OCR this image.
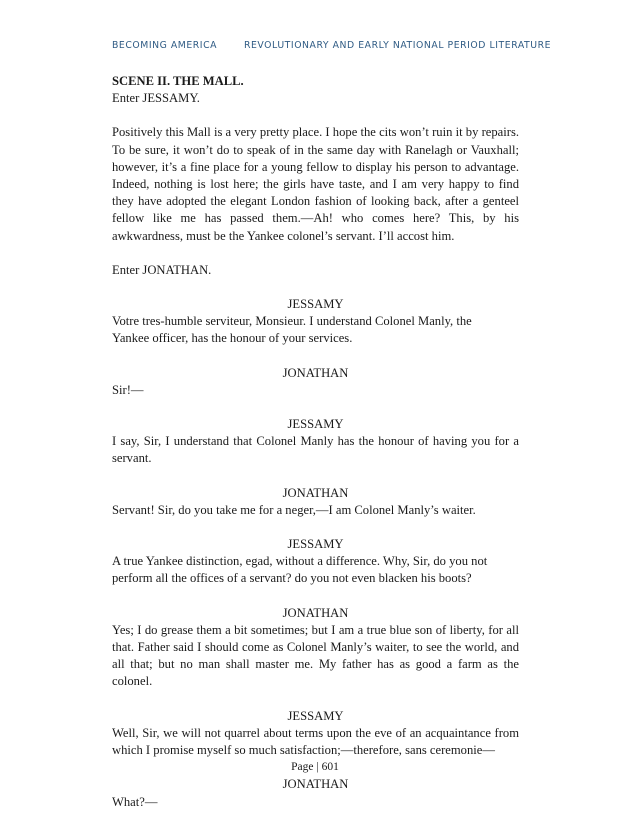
BECOMING AMERICA	REVOLUTIONARY AND EARLY NATIONAL PERIOD LITERATURE

SCENE II. THE MALL.

Enter JESSAMY.

Positively this Mall is a very pretty place. I hope the cits won’t ruin it by repairs. To be sure, it won’t do to speak of in the same day with Ranelagh or Vauxhall; however, it’s a fine place for a young fellow to display his person to advantage. Indeed, nothing is lost here; the girls have taste, and I am very happy to find they have adopted the elegant London fashion of looking back, after a genteel fellow like me has passed them.—Ah! who comes here? This, by his awkwardness, must be the Yankee colonel’s servant. I’ll accost him.

Enter JONATHAN.

JESSAMY

Votre tres-humble serviteur, Monsieur. I understand Colonel Manly, the
Yankee officer, has the honour of your services.

JONATHAN

Sir!—

JESSAMY

I say, Sir, I understand that Colonel Manly has the honour of having you for a servant.

JONATHAN

Servant! Sir, do you take me for a neger,—I am Colonel Manly’s waiter.

JESSAMY

A true Yankee distinction, egad, without a difference. Why, Sir, do you not perform all the offices of a servant? do you not even blacken his boots?

JONATHAN

Yes; I do grease them a bit sometimes; but I am a true blue son of liberty, for all that. Father said I should come as Colonel Manly’s waiter, to see the world, and all that; but no man shall master me. My father has as good a farm as the colonel.

JESSAMY

Well, Sir, we will not quarrel about terms upon the eve of an acquaintance from which I promise myself so much satisfaction;—therefore, sans ceremonie—

JONATHAN

What?—

Page | 601
